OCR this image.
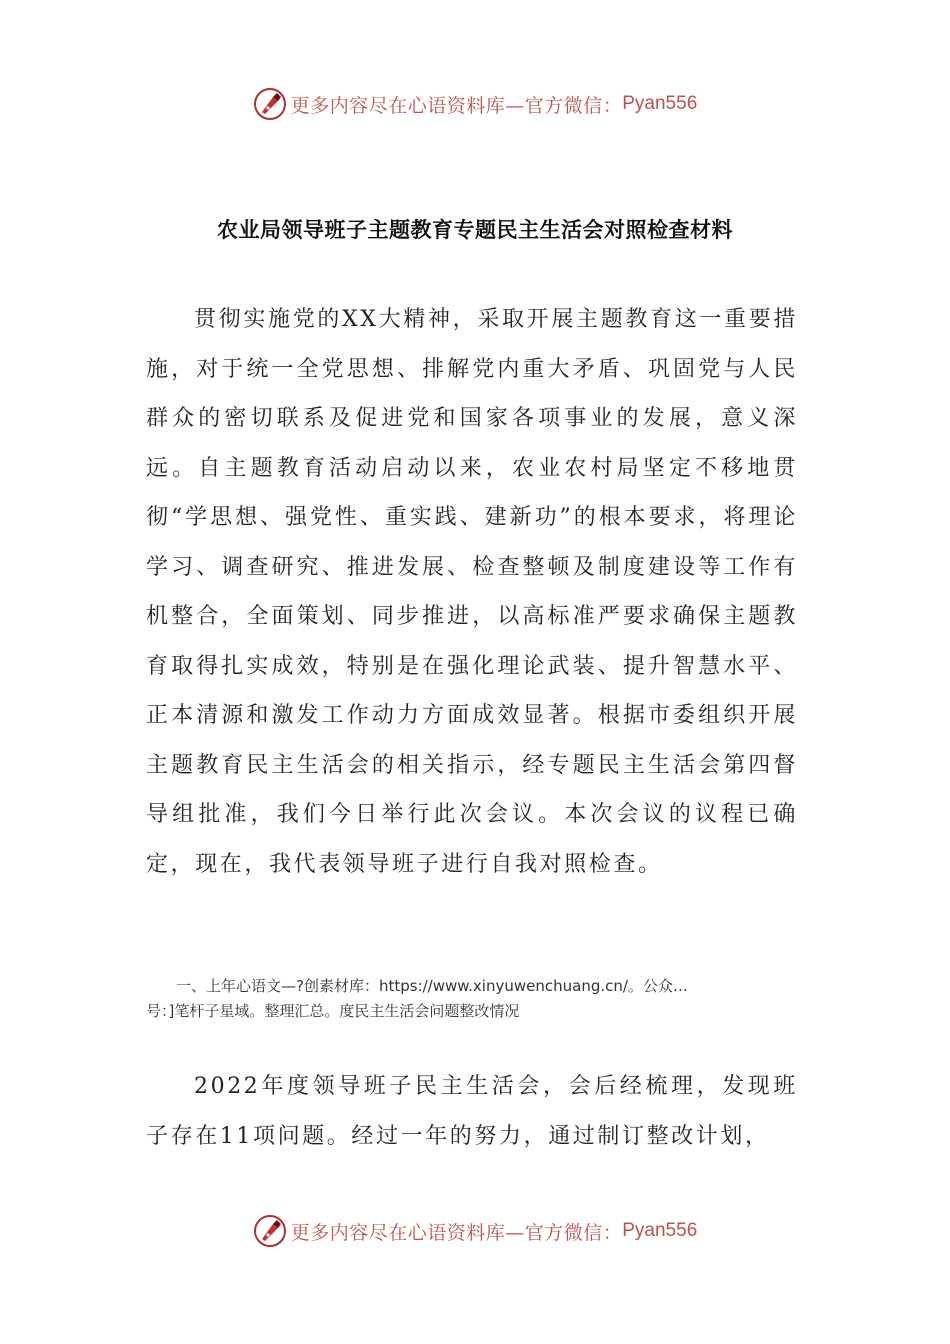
更多内容尽在心语资料库—官方微信： Pyan556
农业局领导班子主题教育专题民主生活会对照检查材料

贯彻实施党的XX大精神，采取开展主题教育这一重要措施，对于统一全党思想、排解党内重大矛盾、巩固党与人民群众的密切联系及促进党和国家各项事业的发展，意义深远。自主题教育活动启动以来，农业农村局坚定不移地贯彻“学思想、强党性、重实践、建新功”的根本要求，将理论学习、调查研究、推进发展、检查整顿及制度建设等工作有机整合，全面策划、同步推进，以高标准严要求确保主题教育取得扎实成效，特别是在强化理论武装、提升智慧水平、正本清源和激发工作动力方面成效显著。根据市委组织开展主题教育民主生活会的相关指示，经专题民主生活会第四督导组批准，我们今日举行此次会议。本次会议的议程已确定，现在，我代表领导班子进行自我对照检查。

一、上年心语文—?创素材库：https://www.xinyuwenchuang.cn/。公众…
号：]笔杆子星域。整理汇总。度民主生活会问题整改情况

2022年度领导班子民主生活会，会后经梳理，发现班子存在11项问题。经过一年的努力，通过制订整改计划，

更多内容尽在心语资料库—官方微信： Pyan556
